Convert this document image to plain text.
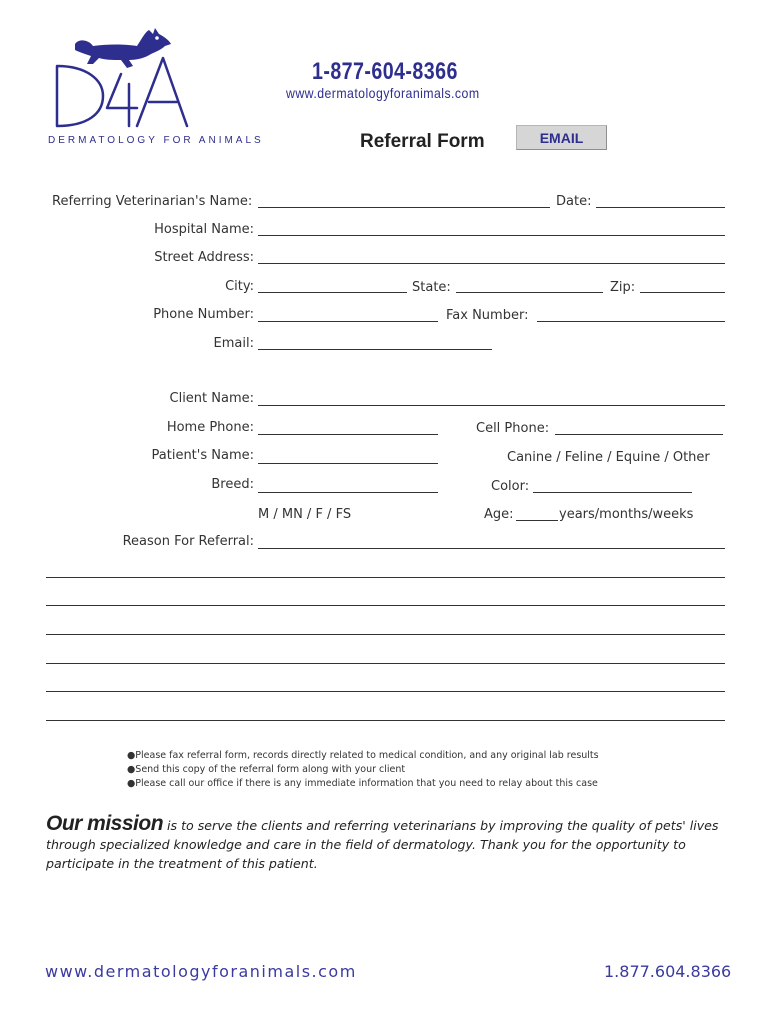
DERMATOLOGY FOR ANIMALS
1-877-604-8366
www.dermatologyforanimals.com
Referral Form	EMAIL
Referring Veterinarian's Name:	Date:
Hospital Name:
Street Address:
City:	State:	Zip:
Phone Number:	Fax Number:
Email:
Client Name:
Home Phone:	Cell Phone:
Patient's Name:	Canine / Feline / Equine / Other
Breed:	Color:
M / MN / F / FS	Age:	years/months/weeks
Reason For Referral:
●Please fax referral form, records directly related to medical condition, and any original lab results
●Send this copy of the referral form along with your client
●Please call our office if there is any immediate information that you need to relay about this case
Our mission is to serve the clients and referring veterinarians by improving the quality of pets' lives through specialized knowledge and care in the field of dermatology. Thank you for the opportunity to participate in the treatment of this patient.
www.dermatologyforanimals.com	1.877.604.8366
